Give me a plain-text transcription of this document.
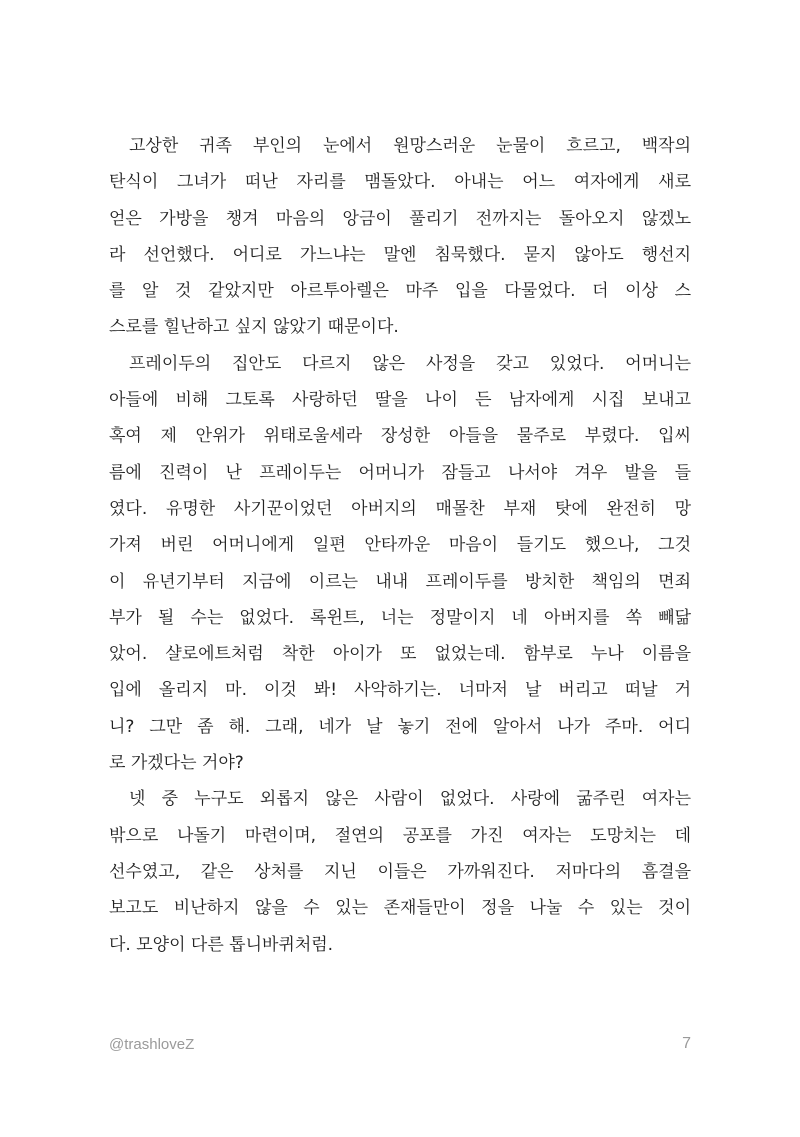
고상한 귀족 부인의 눈에서 원망스러운 눈물이 흐르고, 백작의
탄식이 그녀가 떠난 자리를 맴돌았다. 아내는 어느 여자에게 새로
얻은 가방을 챙겨 마음의 앙금이 풀리기 전까지는 돌아오지 않겠노
라 선언했다. 어디로 가느냐는 말엔 침묵했다. 묻지 않아도 행선지
를 알 것 같았지만 아르투아렐은 마주 입을 다물었다. 더 이상 스
스로를 힐난하고 싶지 않았기 때문이다.
프레이두의 집안도 다르지 않은 사정을 갖고 있었다. 어머니는
아들에 비해 그토록 사랑하던 딸을 나이 든 남자에게 시집 보내고
혹여 제 안위가 위태로울세라 장성한 아들을 물주로 부렸다. 입씨
름에 진력이 난 프레이두는 어머니가 잠들고 나서야 겨우 발을 들
였다. 유명한 사기꾼이었던 아버지의 매몰찬 부재 탓에 완전히 망
가져 버린 어머니에게 일편 안타까운 마음이 들기도 했으나, 그것
이 유년기부터 지금에 이르는 내내 프레이두를 방치한 책임의 면죄
부가 될 수는 없었다. 록윈트, 너는 정말이지 네 아버지를 쏙 빼닮
았어. 샬로에트처럼 착한 아이가 또 없었는데. 함부로 누나 이름을
입에 올리지 마. 이것 봐! 사악하기는. 너마저 날 버리고 떠날 거
니? 그만 좀 해. 그래, 네가 날 놓기 전에 알아서 나가 주마. 어디
로 가겠다는 거야?
넷 중 누구도 외롭지 않은 사람이 없었다. 사랑에 굶주린 여자는
밖으로 나돌기 마련이며, 절연의 공포를 가진 여자는 도망치는 데
선수였고, 같은 상처를 지닌 이들은 가까워진다. 저마다의 흠결을
보고도 비난하지 않을 수 있는 존재들만이 정을 나눌 수 있는 것이
다. 모양이 다른 톱니바퀴처럼.
@trashloveZ	7
